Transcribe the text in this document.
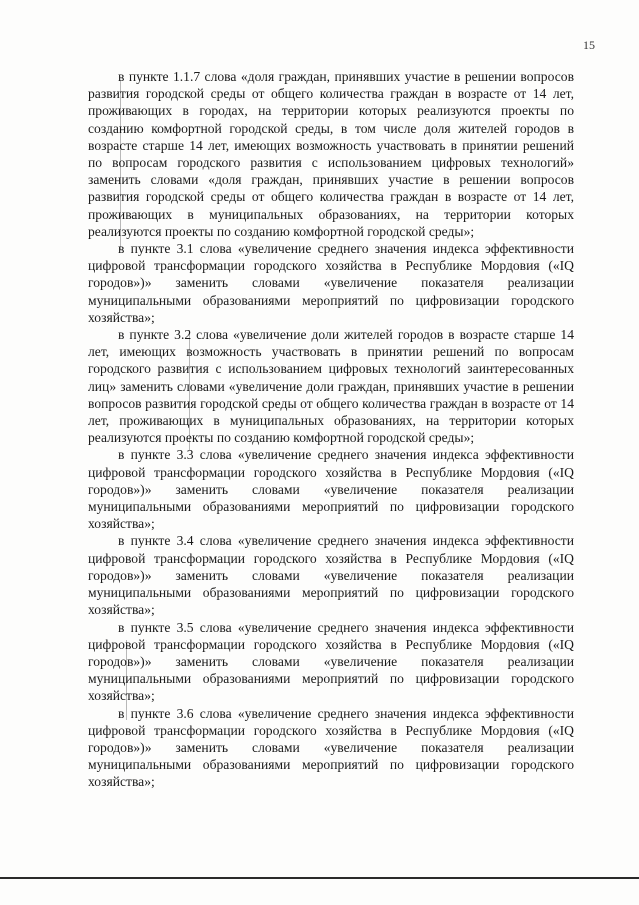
15

в пункте 1.1.7 слова «доля граждан, принявших участие в решении вопросов развития городской среды от общего количества граждан в возрасте от 14 лет, проживающих в городах, на территории которых реализуются проекты по созданию комфортной городской среды, в том числе доля жителей городов в возрасте старше 14 лет, имеющих возможность участвовать в принятии решений по вопросам городского развития с использованием цифровых технологий» заменить словами «доля граждан, принявших участие в решении вопросов развития городской среды от общего количества граждан в возрасте от 14 лет, проживающих в муниципальных образованиях, на территории которых реализуются проекты по созданию комфортной городской среды»;

в пункте 3.1 слова «увеличение среднего значения индекса эффективности цифровой трансформации городского хозяйства в Республике Мордовия («IQ городов»)» заменить словами «увеличение показателя реализации муниципальными образованиями мероприятий по цифровизации городского хозяйства»;

в пункте 3.2 слова «увеличение доли жителей городов в возрасте старше 14 лет, имеющих возможность участвовать в принятии решений по вопросам городского развития с использованием цифровых технологий заинтересованных лиц» заменить словами «увеличение доли граждан, принявших участие в решении вопросов развития городской среды от общего количества граждан в возрасте от 14 лет, проживающих в муниципальных образованиях, на территории которых реализуются проекты по созданию комфортной городской среды»;

в пункте 3.3 слова «увеличение среднего значения индекса эффективности цифровой трансформации городского хозяйства в Республике Мордовия («IQ городов»)» заменить словами «увеличение показателя реализации муниципальными образованиями мероприятий по цифровизации городского хозяйства»;

в пункте 3.4 слова «увеличение среднего значения индекса эффективности цифровой трансформации городского хозяйства в Республике Мордовия («IQ городов»)» заменить словами «увеличение показателя реализации муниципальными образованиями мероприятий по цифровизации городского хозяйства»;

в пункте 3.5 слова «увеличение среднего значения индекса эффективности цифровой трансформации городского хозяйства в Республике Мордовия («IQ городов»)» заменить словами «увеличение показателя реализации муниципальными образованиями мероприятий по цифровизации городского хозяйства»;

в пункте 3.6 слова «увеличение среднего значения индекса эффективности цифровой трансформации городского хозяйства в Республике Мордовия («IQ городов»)» заменить словами «увеличение показателя реализации муниципальными образованиями мероприятий по цифровизации городского хозяйства»;
